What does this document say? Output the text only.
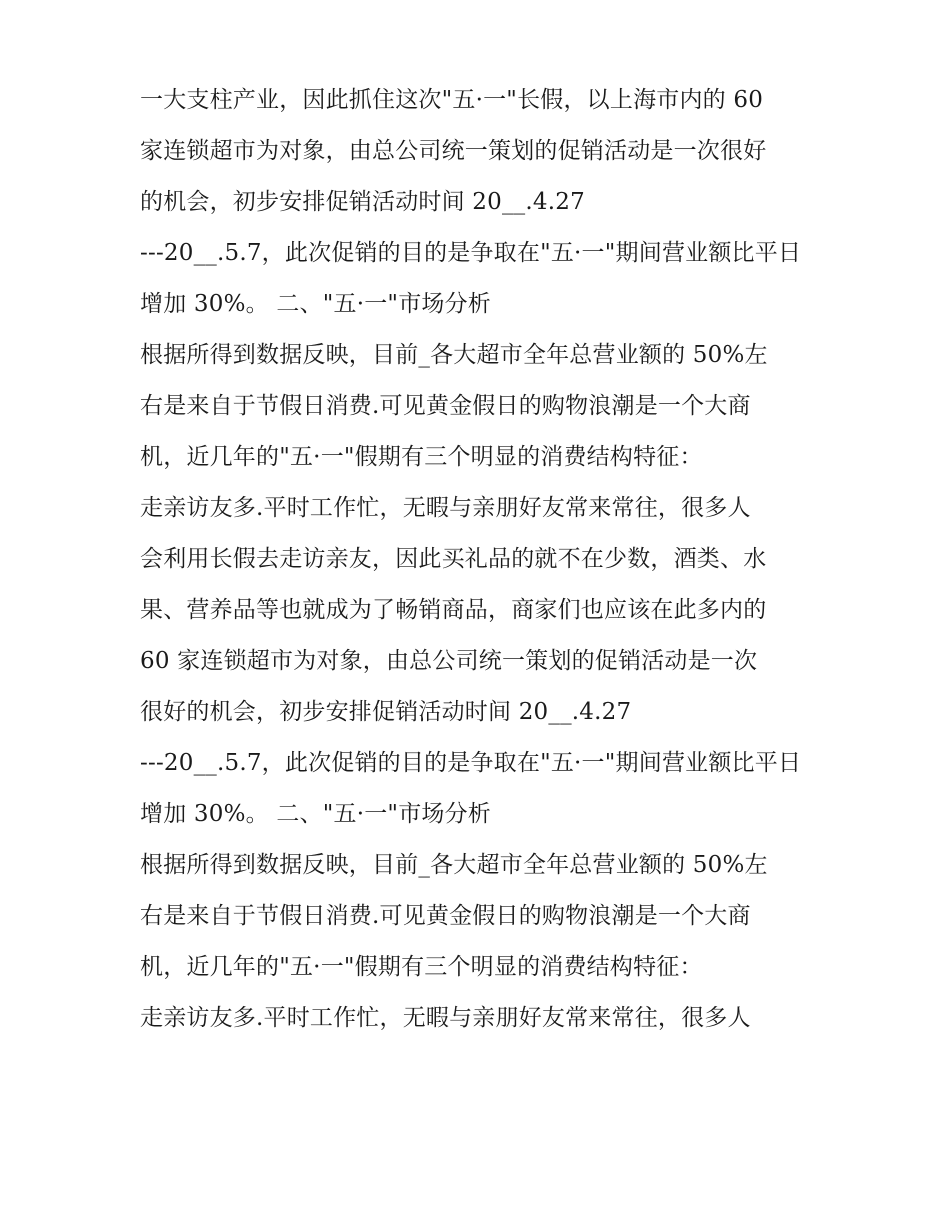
一大支柱产业，因此抓住这次"五·一"长假，以上海市内的 60
家连锁超市为对象，由总公司统一策划的促销活动是一次很好
的机会，初步安排促销活动时间 20__.4.27
---20__.5.7，此次促销的目的是争取在"五·一"期间营业额比平日
增加 30%。 二、"五·一"市场分析
根据所得到数据反映，目前_各大超市全年总营业额的 50%左
右是来自于节假日消费.可见黄金假日的购物浪潮是一个大商
机，近几年的"五·一"假期有三个明显的消费结构特征：
走亲访友多.平时工作忙，无暇与亲朋好友常来常往，很多人
会利用长假去走访亲友，因此买礼品的就不在少数，酒类、水
果、营养品等也就成为了畅销商品，商家们也应该在此多内的
60 家连锁超市为对象，由总公司统一策划的促销活动是一次
很好的机会，初步安排促销活动时间 20__.4.27
---20__.5.7，此次促销的目的是争取在"五·一"期间营业额比平日
增加 30%。 二、"五·一"市场分析
根据所得到数据反映，目前_各大超市全年总营业额的 50%左
右是来自于节假日消费.可见黄金假日的购物浪潮是一个大商
机，近几年的"五·一"假期有三个明显的消费结构特征：
走亲访友多.平时工作忙，无暇与亲朋好友常来常往，很多人
